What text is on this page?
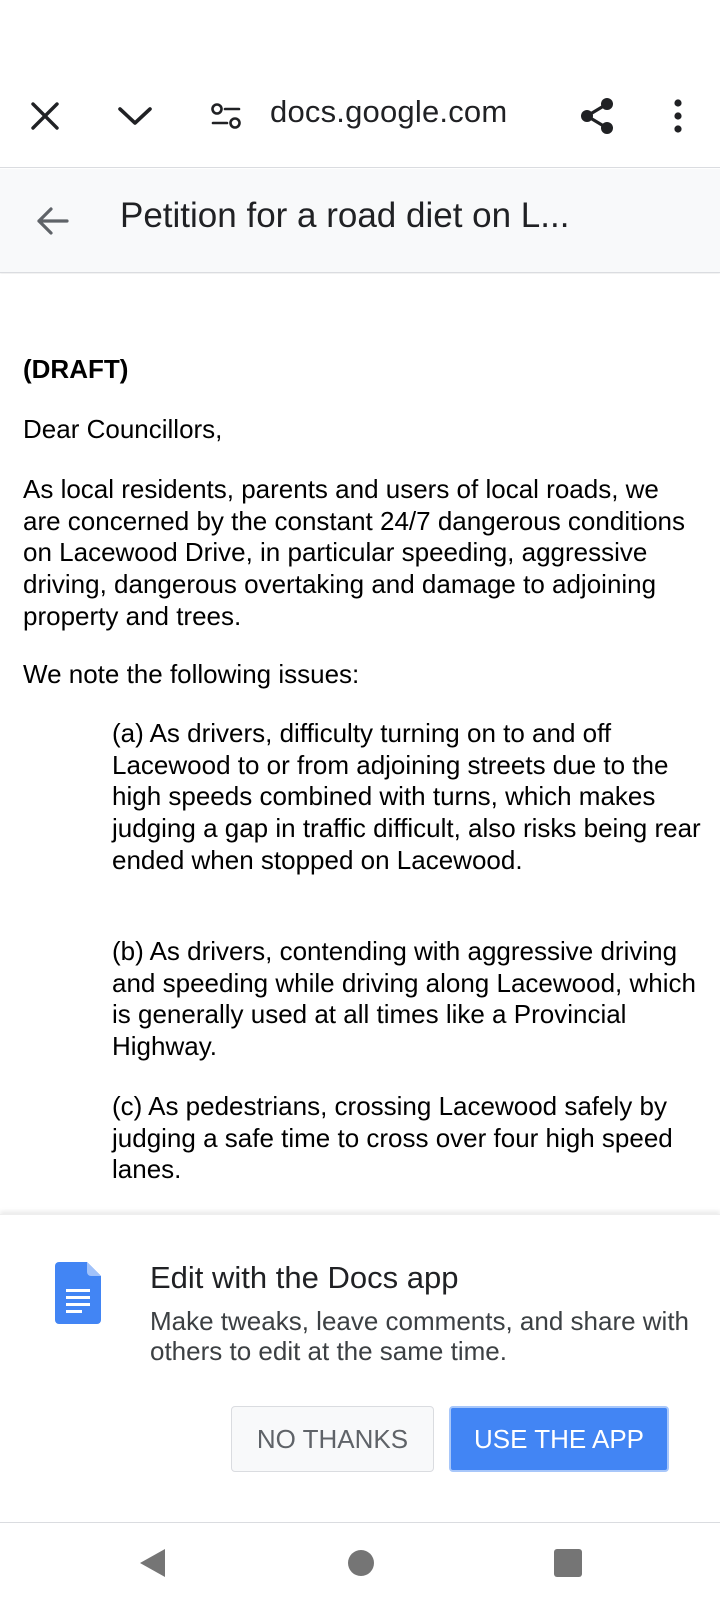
docs.google.com
Petition for a road diet on L...

(DRAFT)

Dear Councillors,

As local residents, parents and users of local roads, we are concerned by the constant 24/7 dangerous conditions on Lacewood Drive, in particular speeding, aggressive driving, dangerous overtaking and damage to adjoining property and trees.

We note the following issues:

(a) As drivers, difficulty turning on to and off Lacewood to or from adjoining streets due to the high speeds combined with turns, which makes judging a gap in traffic difficult, also risks being rear ended when stopped on Lacewood.

(b) As drivers, contending with aggressive driving and speeding while driving along Lacewood, which is generally used at all times like a Provincial Highway.

(c) As pedestrians, crossing Lacewood safely by judging a safe time to cross over four high speed lanes.

Edit with the Docs app
Make tweaks, leave comments, and share with others to edit at the same time.
NO THANKS	USE THE APP
